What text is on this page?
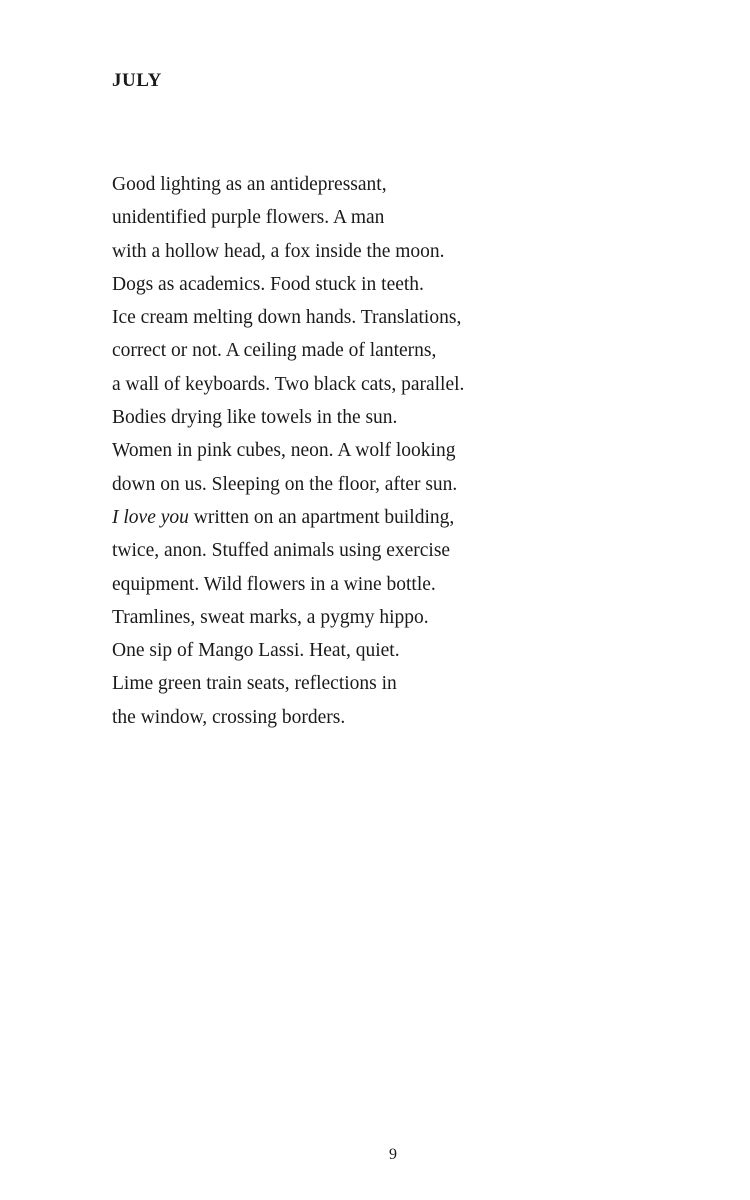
JULY
Good lighting as an antidepressant,
unidentified purple flowers. A man
with a hollow head, a fox inside the moon.
Dogs as academics. Food stuck in teeth.
Ice cream melting down hands. Translations,
correct or not. A ceiling made of lanterns,
a wall of keyboards. Two black cats, parallel.
Bodies drying like towels in the sun.
Women in pink cubes, neon. A wolf looking
down on us. Sleeping on the floor, after sun.
I love you written on an apartment building,
twice, anon. Stuffed animals using exercise
equipment. Wild flowers in a wine bottle.
Tramlines, sweat marks, a pygmy hippo.
One sip of Mango Lassi. Heat, quiet.
Lime green train seats, reflections in
the window, crossing borders.
9
